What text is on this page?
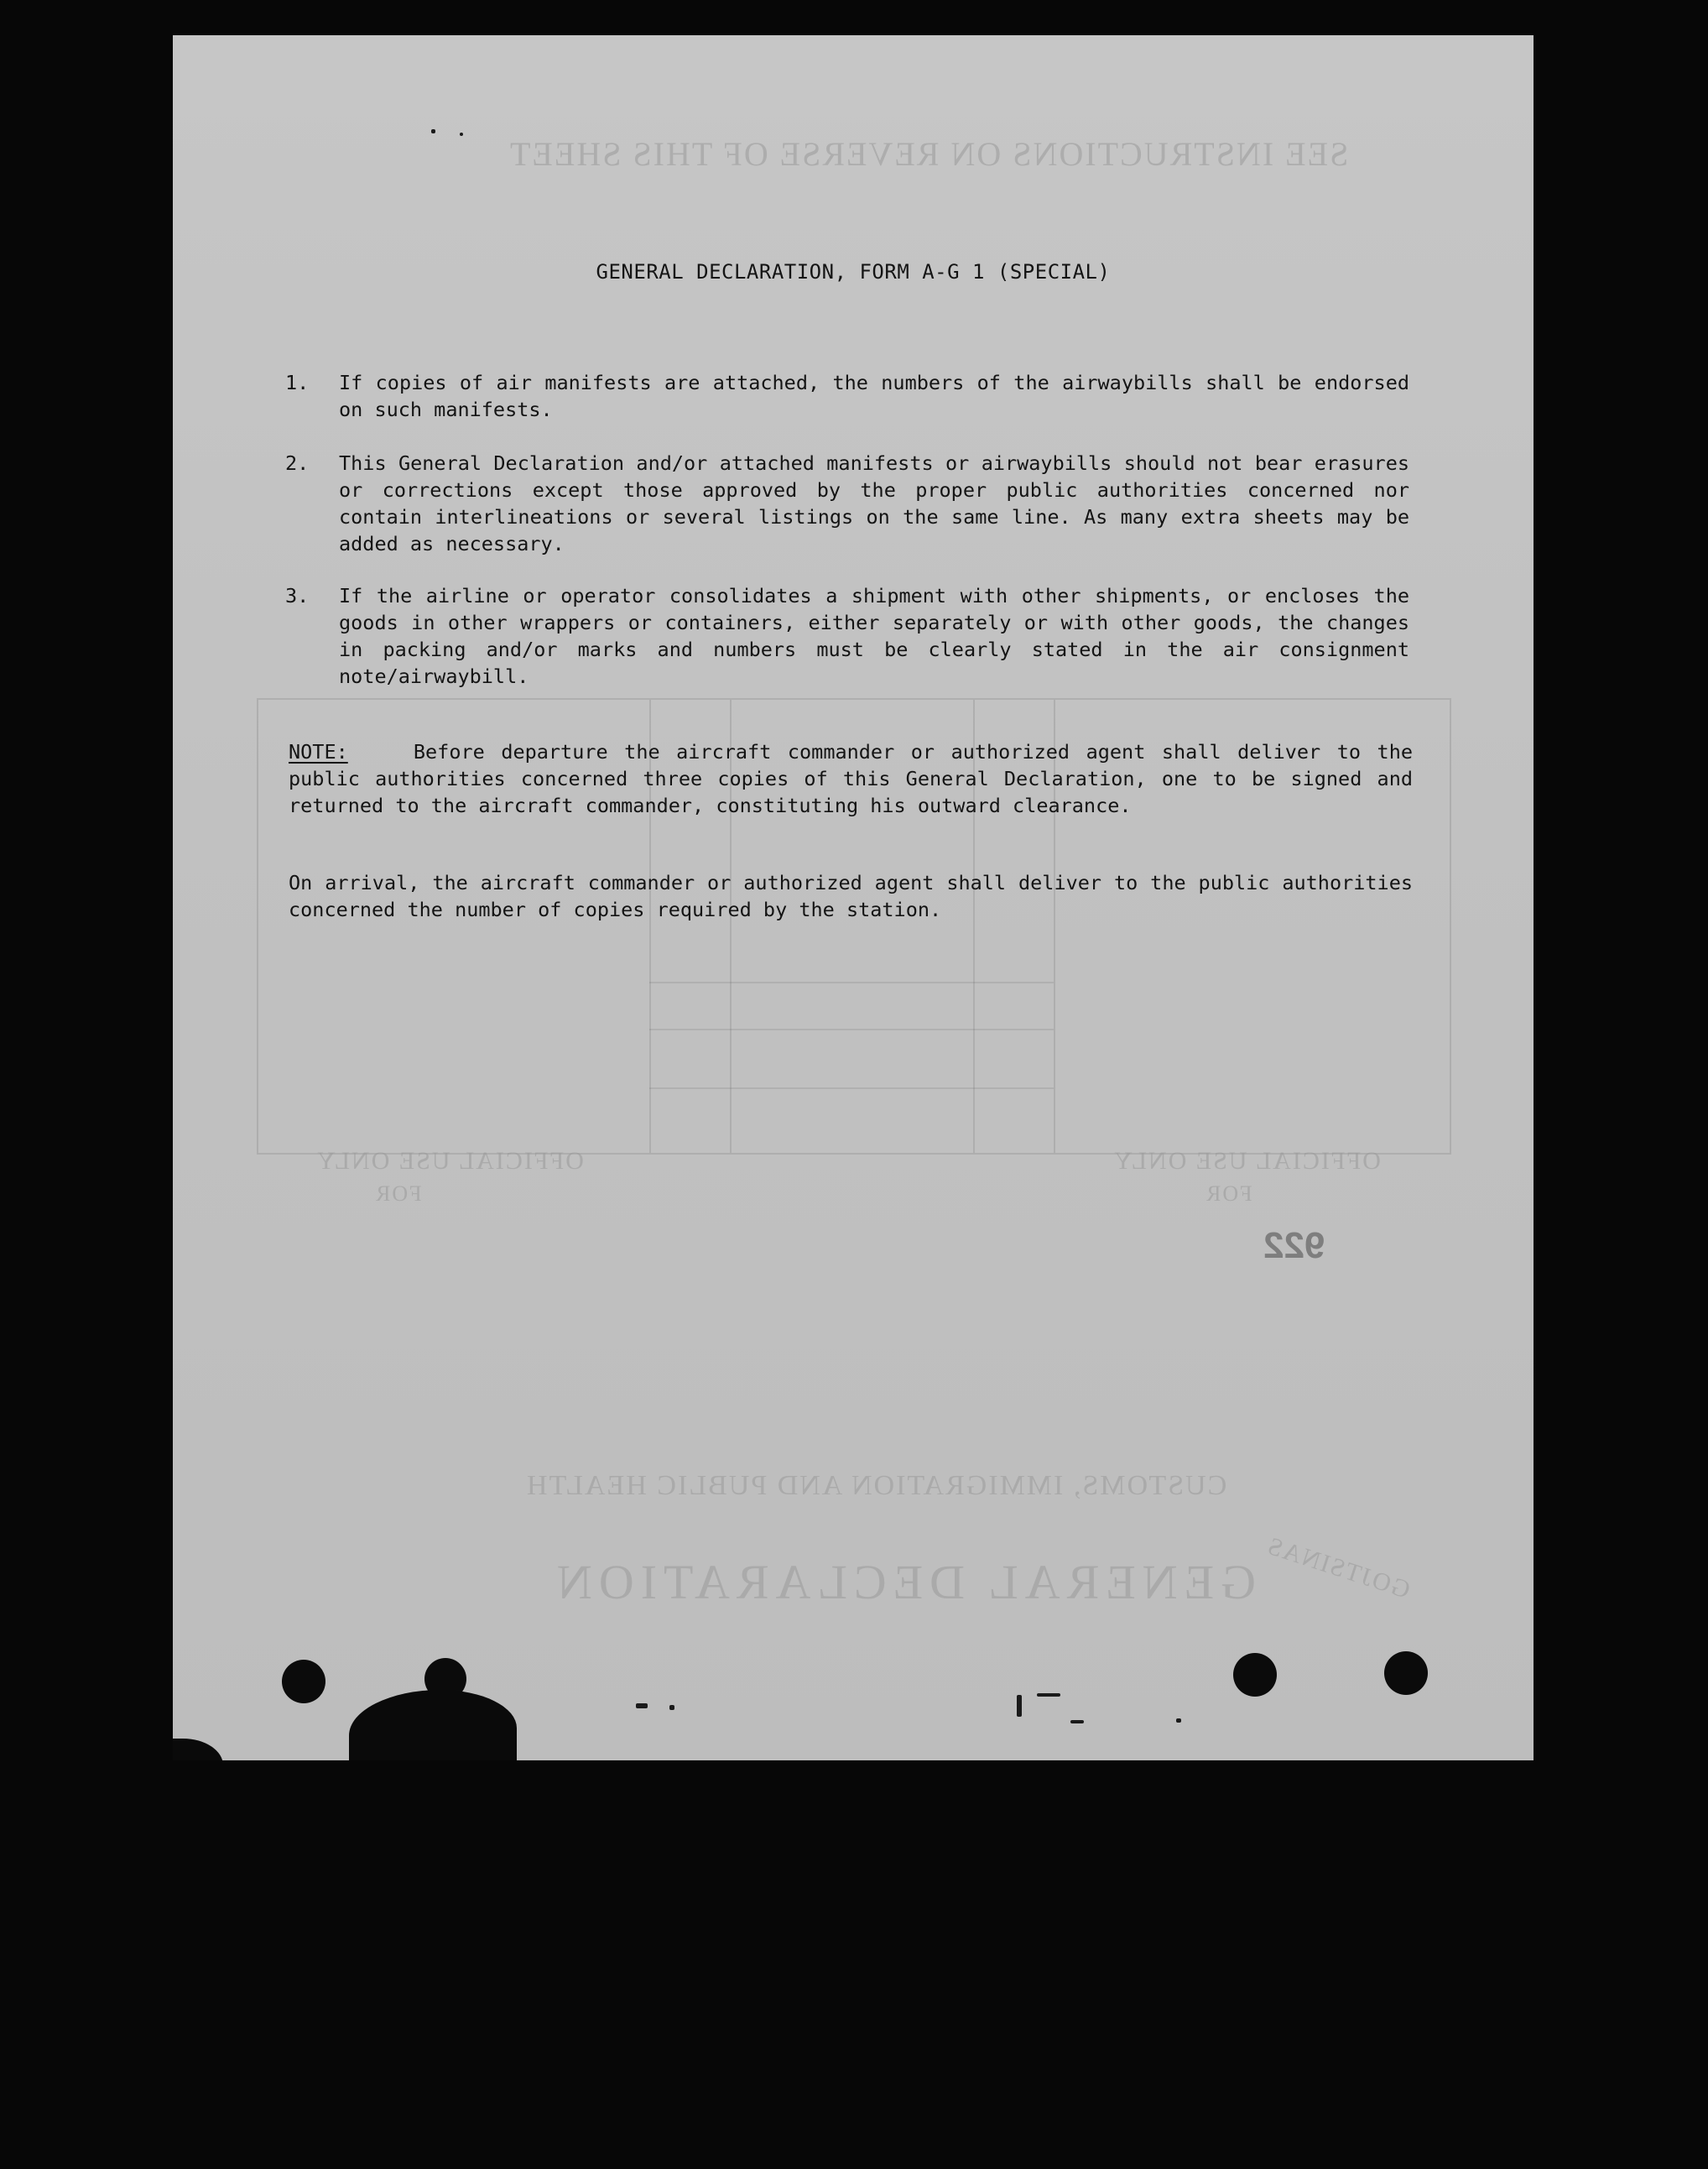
SEE INSTRUCTIONS ON REVERSE OF THIS SHEET
OFFICIAL USE ONLY	OFFICIAL USE ONLY
FOR	FOR
CUSTOMS, IMMIGRATION AND PUBLIC HEALTH
GENERAL DECLARATION GOJTSINAS
922
GENERAL DECLARATION, FORM A-G 1 (SPECIAL)
1.	If copies of air manifests are attached, the numbers of the airwaybills shall be endorsed on such manifests.
2.	This General Declaration and/or attached manifests or airwaybills should not bear erasures or corrections except those approved by the proper public authorities concerned nor contain interlineations or several listings on the same line. As many extra sheets may be added as necessary.
3.	If the airline or operator consolidates a shipment with other shipments, or encloses the goods in other wrappers or containers, either separately or with other goods, the changes in packing and/or marks and numbers must be clearly stated in the air consignment note/airwaybill.
NOTE:	Before departure the aircraft commander or authorized agent shall deliver to the public authorities concerned three copies of this General Declaration, one to be signed and returned to the aircraft commander, constituting his outward clearance.
On arrival, the aircraft commander or authorized agent shall deliver to the public authorities concerned the number of copies required by the station.
